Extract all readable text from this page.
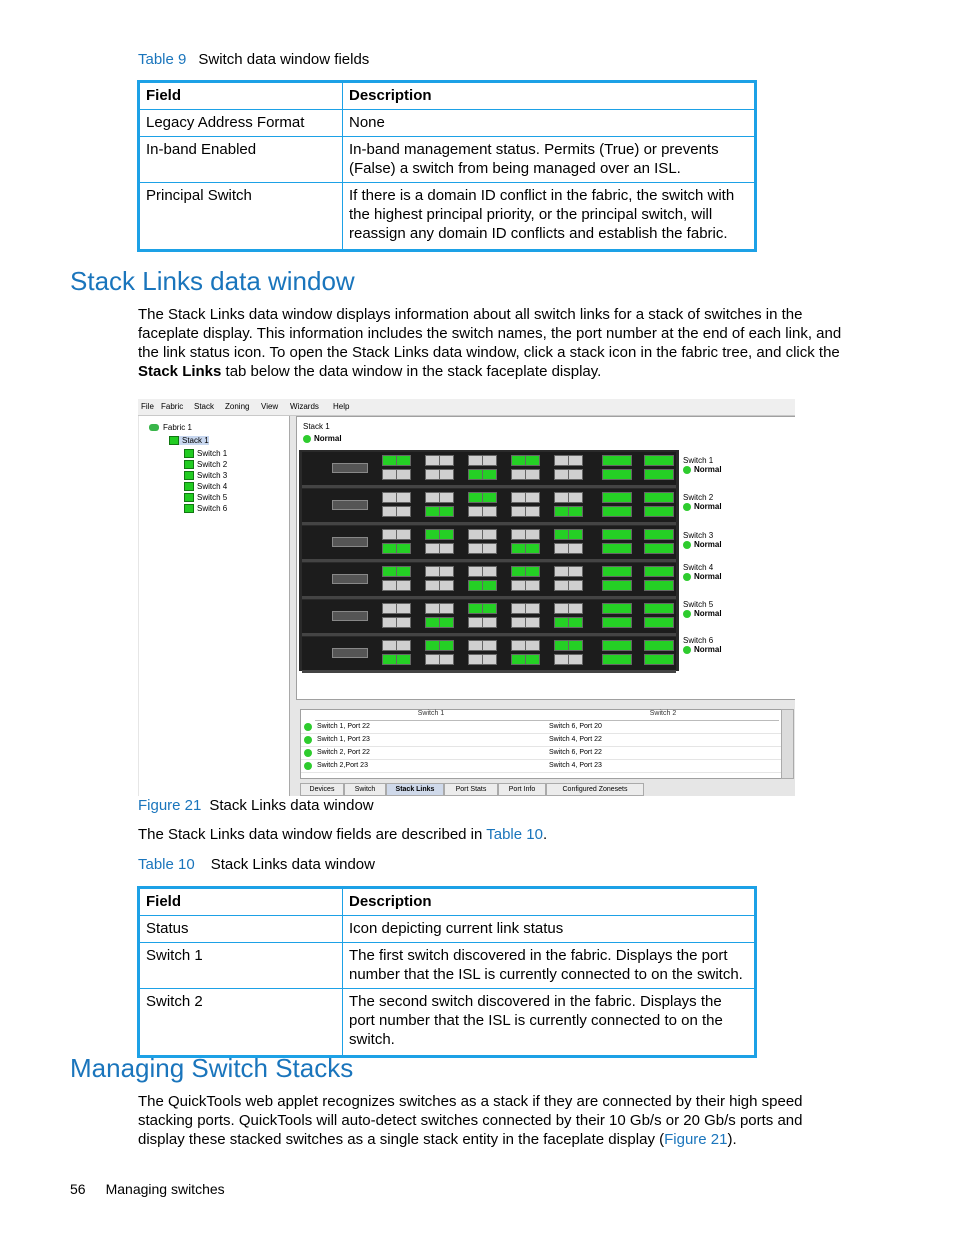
Table 9 Switch data window fields
Field	Description
Legacy Address Format	None
In-band Enabled	In-band management status. Permits (True) or prevents (False) a switch from being managed over an ISL.
Principal Switch	If there is a domain ID conflict in the fabric, the switch with the highest principal priority, or the principal switch, will reassign any domain ID conflicts and establish the fabric.
Stack Links data window
The Stack Links data window displays information about all switch links for a stack of switches in the faceplate display. This information includes the switch names, the port number at the end of each link, and the link status icon. To open the Stack Links data window, click a stack icon in the fabric tree, and click the Stack Links tab below the data window in the stack faceplate display.
File Fabric Stack Zoning View Wizards Help
Fabric 1
Stack 1
Switch 1
Switch 2
Switch 3
Switch 4
Switch 5
Switch 6
Stack 1
Normal
Switch 1
Normal
Switch 2
Normal
Switch 3
Normal
Switch 4
Normal
Switch 5
Normal
Switch 6
Normal
Switch 1	Switch 2
Switch 1, Port 22	Switch 6, Port 20
Switch 1, Port 23	Switch 4, Port 22
Switch 2, Port 22	Switch 6, Port 22
Switch 2,Port 23	Switch 4, Port 23
Devices	Switch	Stack Links	Port Stats	Port Info	Configured Zonesets
Figure 21 Stack Links data window
The Stack Links data window fields are described in Table 10.
Table 10 Stack Links data window
Field	Description
Status	Icon depicting current link status
Switch 1	The first switch discovered in the fabric. Displays the port number that the ISL is currently connected to on the switch.
Switch 2	The second switch discovered in the fabric. Displays the port number that the ISL is currently connected to on the switch.
Managing Switch Stacks
The QuickTools web applet recognizes switches as a stack if they are connected by their high speed stacking ports. QuickTools will auto-detect switches connected by their 10 Gb/s or 20 Gb/s ports and display these stacked switches as a single stack entity in the faceplate display (Figure 21).
56 Managing switches
